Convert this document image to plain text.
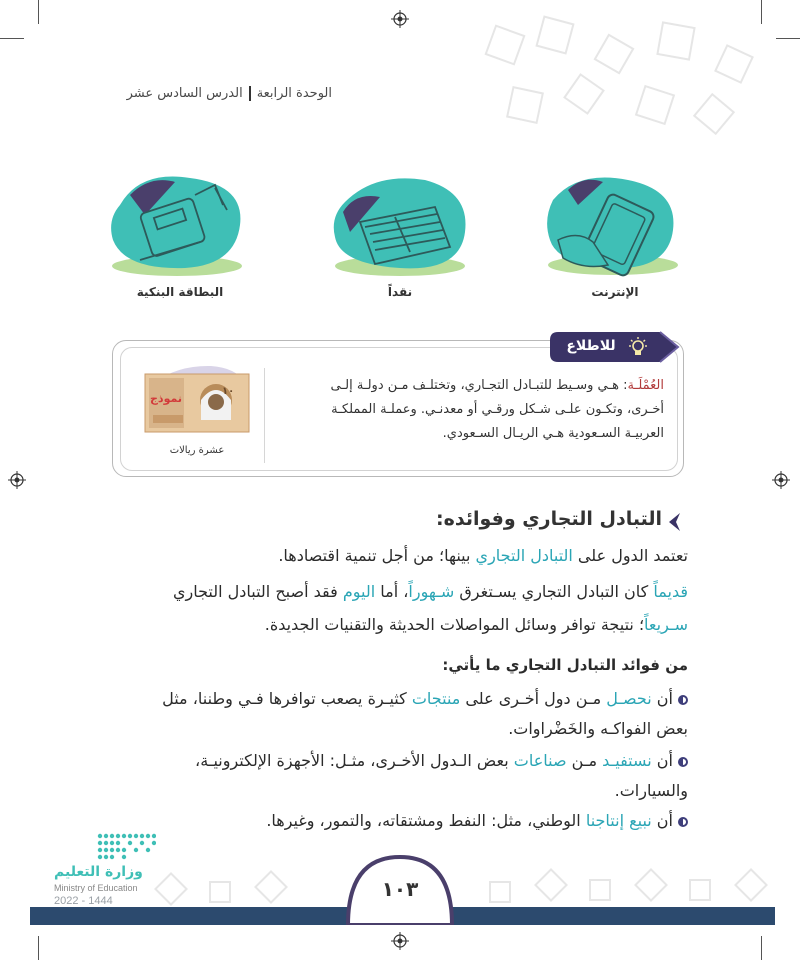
الوحدة الرابعةالدرس السادس عشر
الإنترنت
نقداً
البطاقة البنكية
للاطلاع
العُمْلَـة: هـي وسـيط للتبـادل التجـاري، وتختلـف مـن دولـة إلـى
أخـرى، وتكـون علـى شـكل ورقـي أو معدنـي. وعملـة المملكـة
العربيـة السـعودية هـي الريـال السـعودي.
نموذج
١٠
عشرة ريالات
التبادل التجاري وفوائده:
تعتمد الدول على التبادل التجاري بينها؛ من أجل تنمية اقتصادها.
قديماً كان التبادل التجاري يسـتغرق شـهوراً، أما اليوم فقد أصبح التبادل التجاري
سـريعاً؛ نتيجة توافر وسائل المواصلات الحديثة والتقنيات الجديدة.
من فوائد التبادل التجاري ما يأتي:
أن نحصـل مـن دول أخـرى على منتجات كثيـرة يصعب توافرها فـي وطننا، مثل
بعض الفواكـه والخَضْراوات.
أن نستفيـد مـن صناعات بعض الـدول الأخـرى، مثـل: الأجهزة الإلكترونيـة،
والسيارات.
أن نبيع إنتاجنا الوطني، مثل: النفط ومشتقاته، والتمور، وغيرها.
وزارة التعليم
Ministry of Education
2022 - 1444	١٠٣
